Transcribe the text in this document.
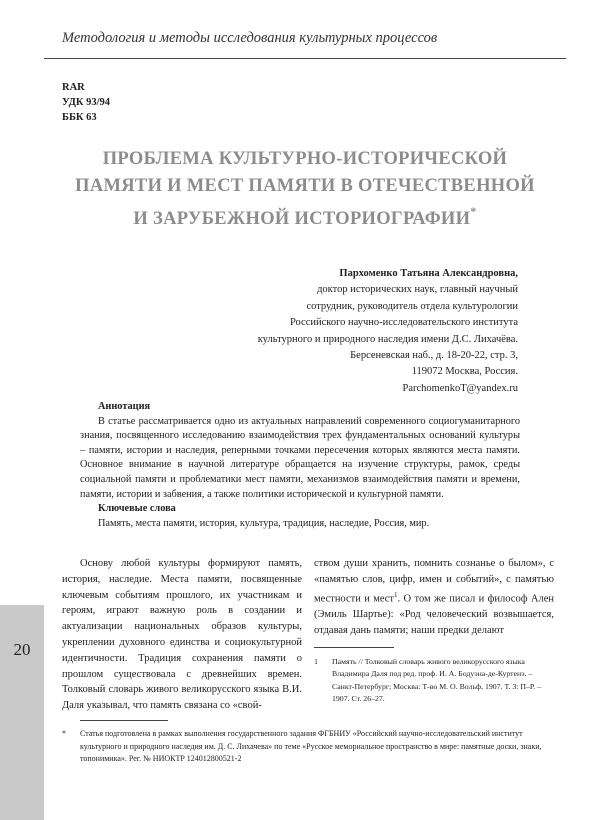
Методология и методы исследования культурных процессов
RAR
УДК 93/94
ББК 63
ПРОБЛЕМА КУЛЬТУРНО-ИСТОРИЧЕСКОЙ
ПАМЯТИ И МЕСТ ПАМЯТИ В ОТЕЧЕСТВЕННОЙ
И ЗАРУБЕЖНОЙ ИСТОРИОГРАФИИ*
Пархоменко Татьяна Александровна,
доктор исторических наук, главный научный
сотрудник, руководитель отдела культурологии
Российского научно-исследовательского института
культурного и природного наследия имени Д.С. Лихачёва.
Берсеневская наб., д. 18-20-22, стр. 3,
119072 Москва, Россия.
ParchomenkoT@yandex.ru
Аннотация
В статье рассматривается одно из актуальных направлений современного социогуманитарного знания, посвященного исследованию взаимодействия трех фундаментальных оснований культуры – памяти, истории и наследия, реперными точками пересечения которых являются места памяти. Основное внимание в научной литературе обращается на изучение структуры, рамок, среды социальной памяти и проблематики мест памяти, механизмов взаимодействия памяти и времени, памяти, истории и забвения, а также политики исторической и культурной памяти.
Ключевые слова
Память, места памяти, история, культура, традиция, наследие, Россия, мир.
Основу любой культуры формируют память, история, наследие. Места памяти, посвященные ключевым событиям прошлого, их участникам и героям, играют важную роль в создании и актуализации национальных образов культуры, укреплении духовного единства и социокультурной идентичности. Традиция сохранения памяти о прошлом существовала с древнейших времен. Толковый словарь живого великорусского языка В.И. Даля указывал, что память связана со «свой-
ством души хранить, помнить сознанье о былом», с «памятью слов, цифр, имен и событий», с памятью местности и мест$^1$. О том же писал и философ Ален (Эмиль Шартье): «Род человеческий возвышается, отдавая дань памяти; наши предки делают
1 Память // Толковый словарь живого великорусского языка Владимира Даля под ред. проф. И. А. Бодуэна-де-Куртенэ. – Санкт-Петербург; Москва: Т-во М. О. Вольф, 1907. Т. 3: П–Р. – 1907. Ст. 26–27.
* Статья подготовлена в рамках выполнения государственного задания ФГБНИУ «Российский научно-исследовательский институт культурного и природного наследия им. Д. С. Лихачева» по теме «Русское мемориальное пространство в мире: памятные доски, знаки, топонимика». Рег. № НИОКТР 124012800521-2
20
